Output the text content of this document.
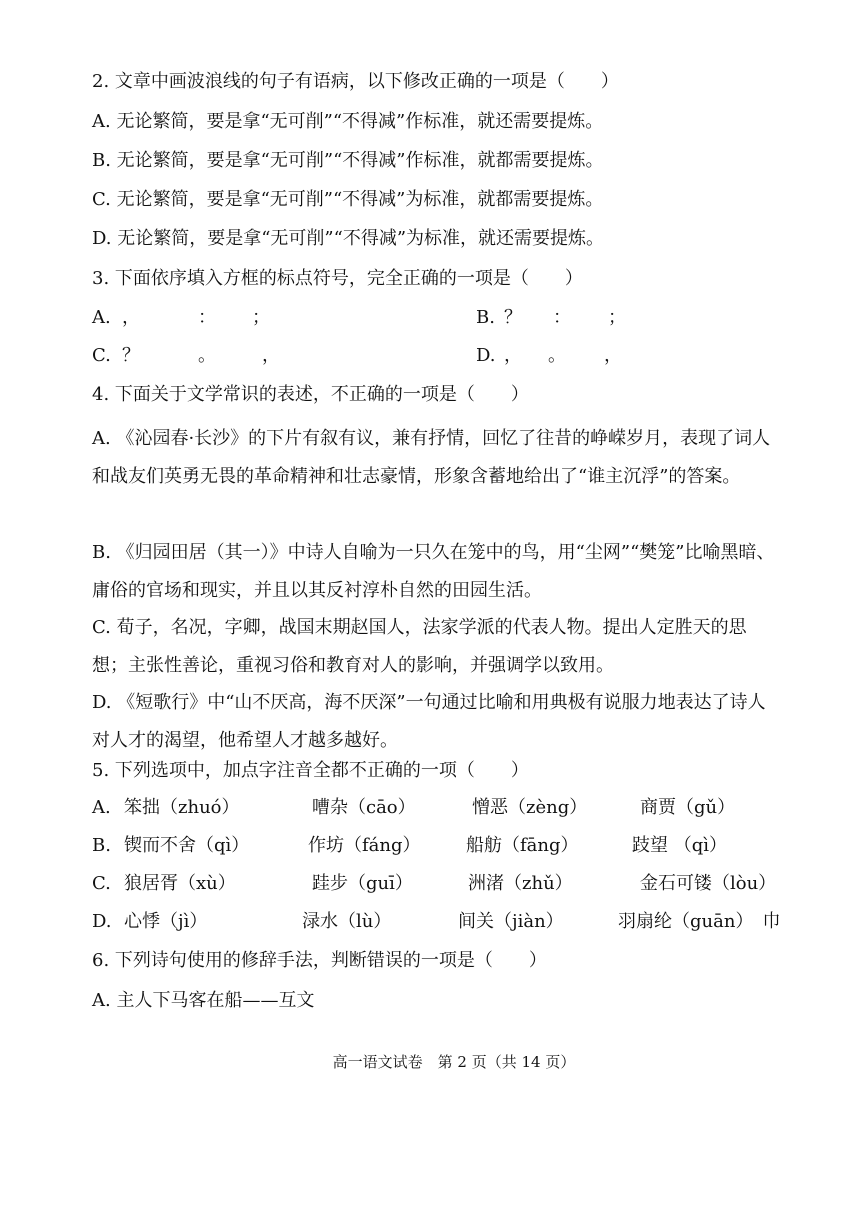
2. 文章中画波浪线的句子有语病，以下修改正确的一项是（　　）
A. 无论繁简，要是拿“无可削”“不得减”作标准，就还需要提炼。
B. 无论繁简，要是拿“无可削”“不得减”作标准，就都需要提炼。
C. 无论繁简，要是拿“无可削”“不得减”为标准，就都需要提炼。
D. 无论繁简，要是拿“无可削”“不得减”为标准，就还需要提炼。
3. 下面依序填入方框的标点符号，完全正确的一项是（　　）
A. ，	： ；	B. ？ ： ；
C. ？	。	，	D. ， 。 ，
4. 下面关于文学常识的表述，不正确的一项是（　　）
A. 《沁园春·长沙》的下片有叙有议，兼有抒情，回忆了往昔的峥嵘岁月，表现了词人和战友们英勇无畏的革命精神和壮志豪情，形象含蓄地给出了“谁主沉浮”的答案。
B. 《归园田居（其一）》中诗人自喻为一只久在笼中的鸟，用“尘网”“樊笼”比喻黑暗、庸俗的官场和现实，并且以其反衬淳朴自然的田园生活。
C. 荀子，名况，字卿，战国末期赵国人，法家学派的代表人物。提出人定胜天的思想；主张性善论，重视习俗和教育对人的影响，并强调学以致用。
D. 《短歌行》中“山不厌高，海不厌深”一句通过比喻和用典极有说服力地表达了诗人对人才的渴望，他希望人才越多越好。
5. 下列选项中，加点字注音全都不正确的一项（　　）
A. 笨拙（zhuó）	嘈杂（cāo）	憎恶（zèng）	商贾（gǔ）
B. 锲而不舍（qì）	作坊（fáng）	船舫（fāng）	跂望 （qì）
C. 狼居胥（xù）	跬步（guī）	洲渚（zhǔ）	金石可镂（lòu）
D. 心悸（jì）	渌水（lù）	间关（jiàn）	羽扇纶（guān）　巾
6. 下列诗句使用的修辞手法，判断错误的一项是（　　）
A. 主人下马客在船——互文
高一语文试卷　第 2 页（共 14 页）
